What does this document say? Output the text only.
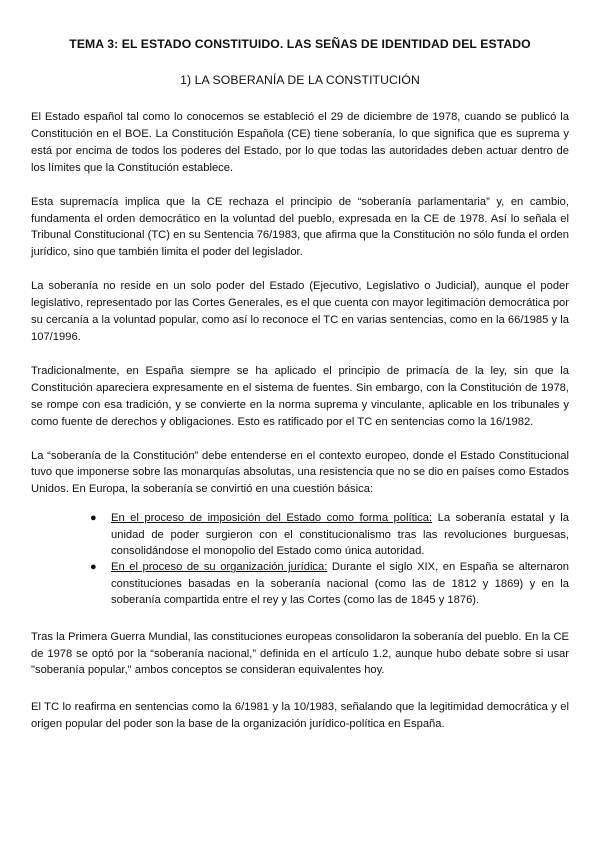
TEMA 3: EL ESTADO CONSTITUIDO. LAS SEÑAS DE IDENTIDAD DEL ESTADO
1) LA SOBERANÍA DE LA CONSTITUCIÓN

El Estado español tal como lo conocemos se estableció el 29 de diciembre de 1978, cuando se publicó la Constitución en el BOE. La Constitución Española (CE) tiene soberanía, lo que significa que es suprema y está por encima de todos los poderes del Estado, por lo que todas las autoridades deben actuar dentro de los límites que la Constitución establece.

Esta supremacía implica que la CE rechaza el principio de “soberanía parlamentaria” y, en cambio, fundamenta el orden democrático en la voluntad del pueblo, expresada en la CE de 1978. Así lo señala el Tribunal Constitucional (TC) en su Sentencia 76/1983, que afirma que la Constitución no sólo funda el orden jurídico, sino que también limita el poder del legislador.

La soberanía no reside en un solo poder del Estado (Ejecutivo, Legislativo o Judicial), aunque el poder legislativo, representado por las Cortes Generales, es el que cuenta con mayor legitimación democrática por su cercanía a la voluntad popular, como así lo reconoce el TC en varias sentencias, como en la 66/1985 y la 107/1996.

Tradicionalmente, en España siempre se ha aplicado el principio de primacía de la ley, sin que la Constitución apareciera expresamente en el sistema de fuentes. Sin embargo, con la Constitución de 1978, se rompe con esa tradición, y se convierte en la norma suprema y vinculante, aplicable en los tribunales y como fuente de derechos y obligaciones. Esto es ratificado por el TC en sentencias como la 16/1982.

La “soberanía de la Constitución” debe entenderse en el contexto europeo, donde el Estado Constitucional tuvo que imponerse sobre las monarquías absolutas, una resistencia que no se dio en países como Estados Unidos. En Europa, la soberanía se convirtió en una cuestión básica:

● En el proceso de imposición del Estado como forma política: La soberanía estatal y la unidad de poder surgieron con el constitucionalismo tras las revoluciones burguesas, consolidándose el monopolio del Estado como única autoridad.
● En el proceso de su organización jurídica: Durante el siglo XIX, en España se alternaron constituciones basadas en la soberanía nacional (como las de 1812 y 1869) y en la soberanía compartida entre el rey y las Cortes (como las de 1845 y 1876).

Tras la Primera Guerra Mundial, las constituciones europeas consolidaron la soberanía del pueblo. En la CE de 1978 se optó por la “soberanía nacional,” definida en el artículo 1.2, aunque hubo debate sobre si usar "soberanía popular," ambos conceptos se consideran equivalentes hoy.

El TC lo reafirma en sentencias como la 6/1981 y la 10/1983, señalando que la legitimidad democrática y el origen popular del poder son la base de la organización jurídico-política en España.
